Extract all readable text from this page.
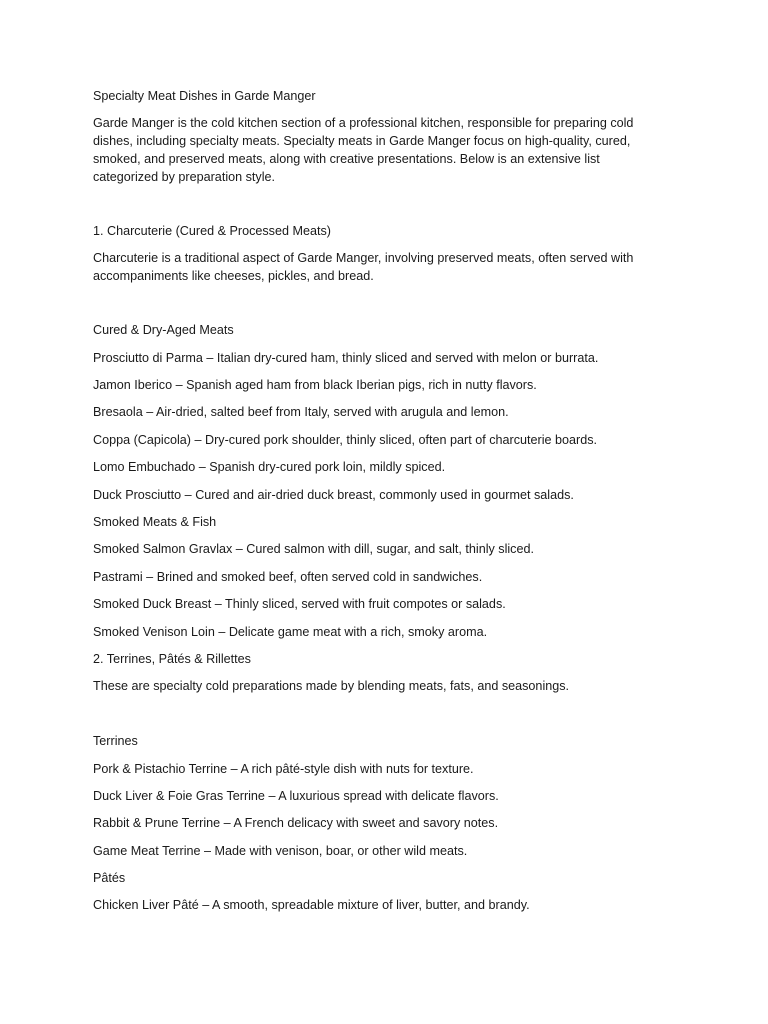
Specialty Meat Dishes in Garde Manger

Garde Manger is the cold kitchen section of a professional kitchen, responsible for preparing cold dishes, including specialty meats. Specialty meats in Garde Manger focus on high-quality, cured, smoked, and preserved meats, along with creative presentations. Below is an extensive list categorized by preparation style.

1. Charcuterie (Cured & Processed Meats)

Charcuterie is a traditional aspect of Garde Manger, involving preserved meats, often served with accompaniments like cheeses, pickles, and bread.

Cured & Dry-Aged Meats

Prosciutto di Parma – Italian dry-cured ham, thinly sliced and served with melon or burrata.

Jamon Iberico – Spanish aged ham from black Iberian pigs, rich in nutty flavors.

Bresaola – Air-dried, salted beef from Italy, served with arugula and lemon.

Coppa (Capicola) – Dry-cured pork shoulder, thinly sliced, often part of charcuterie boards.

Lomo Embuchado – Spanish dry-cured pork loin, mildly spiced.

Duck Prosciutto – Cured and air-dried duck breast, commonly used in gourmet salads.

Smoked Meats & Fish

Smoked Salmon Gravlax – Cured salmon with dill, sugar, and salt, thinly sliced.

Pastrami – Brined and smoked beef, often served cold in sandwiches.

Smoked Duck Breast – Thinly sliced, served with fruit compotes or salads.

Smoked Venison Loin – Delicate game meat with a rich, smoky aroma.

2. Terrines, Pâtés & Rillettes

These are specialty cold preparations made by blending meats, fats, and seasonings.

Terrines

Pork & Pistachio Terrine – A rich pâté-style dish with nuts for texture.

Duck Liver & Foie Gras Terrine – A luxurious spread with delicate flavors.

Rabbit & Prune Terrine – A French delicacy with sweet and savory notes.

Game Meat Terrine – Made with venison, boar, or other wild meats.

Pâtés

Chicken Liver Pâté – A smooth, spreadable mixture of liver, butter, and brandy.
